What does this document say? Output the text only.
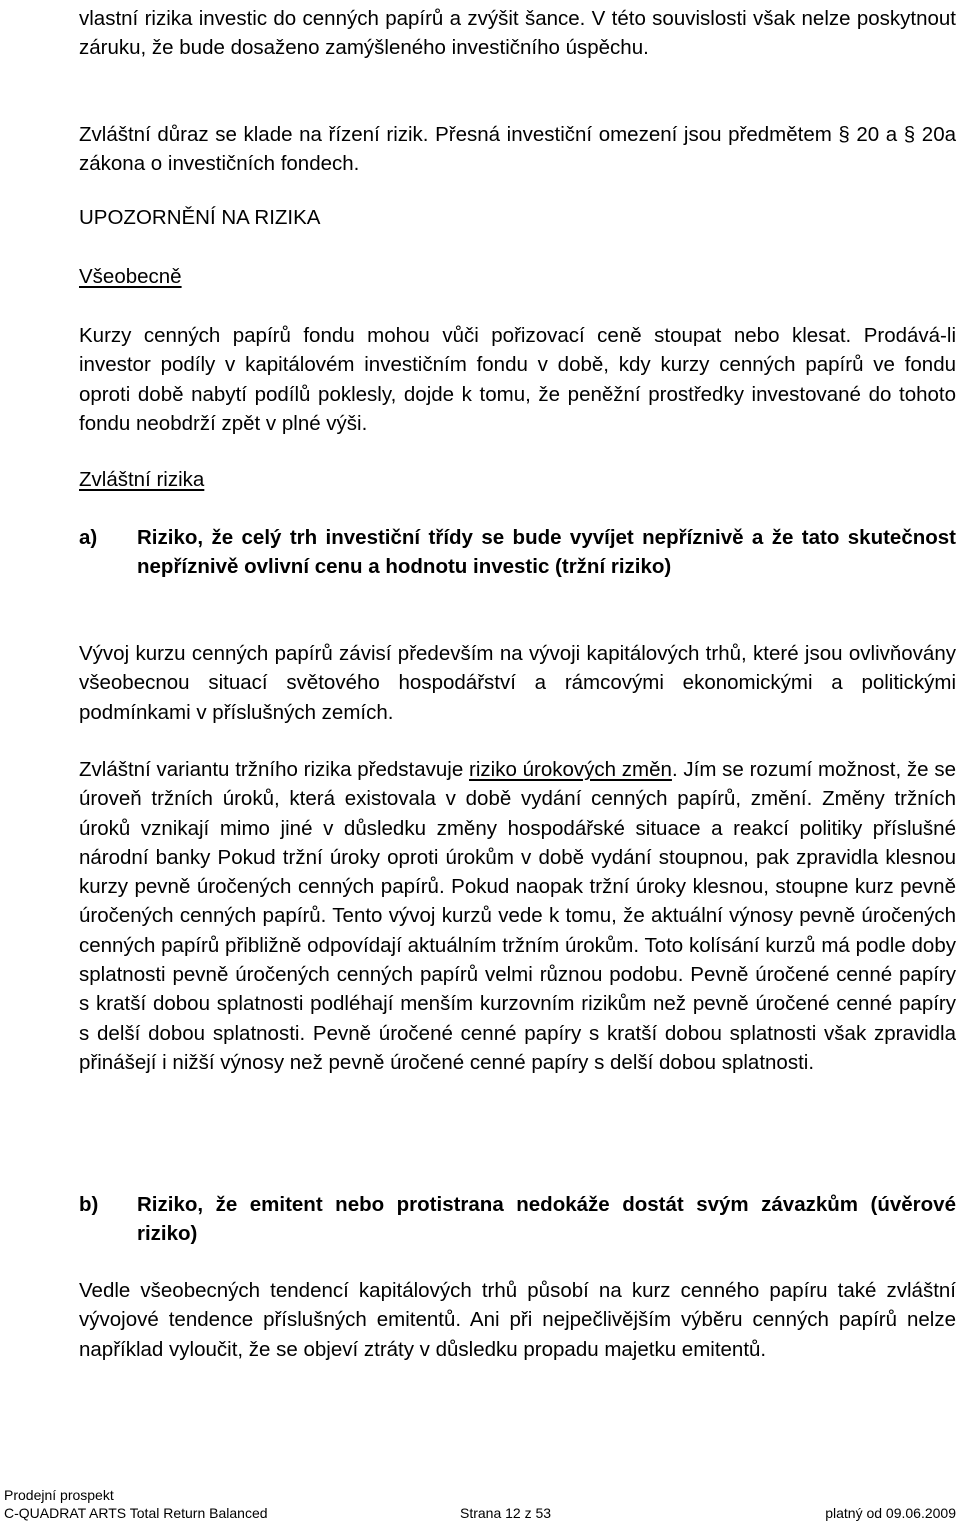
vlastní rizika investic do cenných papírů a zvýšit šance. V této souvislosti však nelze poskytnout záruku, že bude dosaženo zamýšleného investičního úspěchu.

Zvláštní důraz se klade na řízení rizik. Přesná investiční omezení jsou předmětem § 20 a § 20a zákona o investičních fondech.

UPOZORNĚNÍ NA RIZIKA
Všeobecně

Kurzy cenných papírů fondu mohou vůči pořizovací ceně stoupat nebo klesat. Prodává-li investor podíly v kapitálovém investičním fondu v době, kdy kurzy cenných papírů ve fondu oproti době nabytí podílů poklesly, dojde k tomu, že peněžní prostředky investované do tohoto fondu neobdrží zpět v plné výši.

Zvláštní rizika
a) Riziko, že celý trh investiční třídy se bude vyvíjet nepříznivě a že tato skutečnost nepříznivě ovlivní cenu a hodnotu investic (tržní riziko)

Vývoj kurzu cenných papírů závisí především na vývoji kapitálových trhů, které jsou ovlivňovány všeobecnou situací světového hospodářství a rámcovými ekonomickými a politickými podmínkami v příslušných zemích.

Zvláštní variantu tržního rizika představuje riziko úrokových změn. Jím se rozumí možnost, že se úroveň tržních úroků, která existovala v době vydání cenných papírů, změní. Změny tržních úroků vznikají mimo jiné v důsledku změny hospodářské situace a reakcí politiky příslušné národní banky Pokud tržní úroky oproti úrokům v době vydání stoupnou, pak zpravidla klesnou kurzy pevně úročených cenných papírů. Pokud naopak tržní úroky klesnou, stoupne kurz pevně úročených cenných papírů. Tento vývoj kurzů vede k tomu, že aktuální výnosy pevně úročených cenných papírů přibližně odpovídají aktuálním tržním úrokům. Toto kolísání kurzů má podle doby splatnosti pevně úročených cenných papírů velmi různou podobu. Pevně úročené cenné papíry s kratší dobou splatnosti podléhají menším kurzovním rizikům než pevně úročené cenné papíry s delší dobou splatnosti. Pevně úročené cenné papíry s kratší dobou splatnosti však zpravidla přinášejí i nižší výnosy než pevně úročené cenné papíry s delší dobou splatnosti.

b) Riziko, že emitent nebo protistrana nedokáže dostát svým závazkům (úvěrové riziko)

Vedle všeobecných tendencí kapitálových trhů působí na kurz cenného papíru také zvláštní vývojové tendence příslušných emitentů. Ani při nejpečlivějším výběru cenných papírů nelze například vyloučit, že se objeví ztráty v důsledku propadu majetku emitentů.

Prodejní prospekt
C-QUADRAT ARTS Total Return Balanced	Strana 12 z 53	platný od 09.06.2009
